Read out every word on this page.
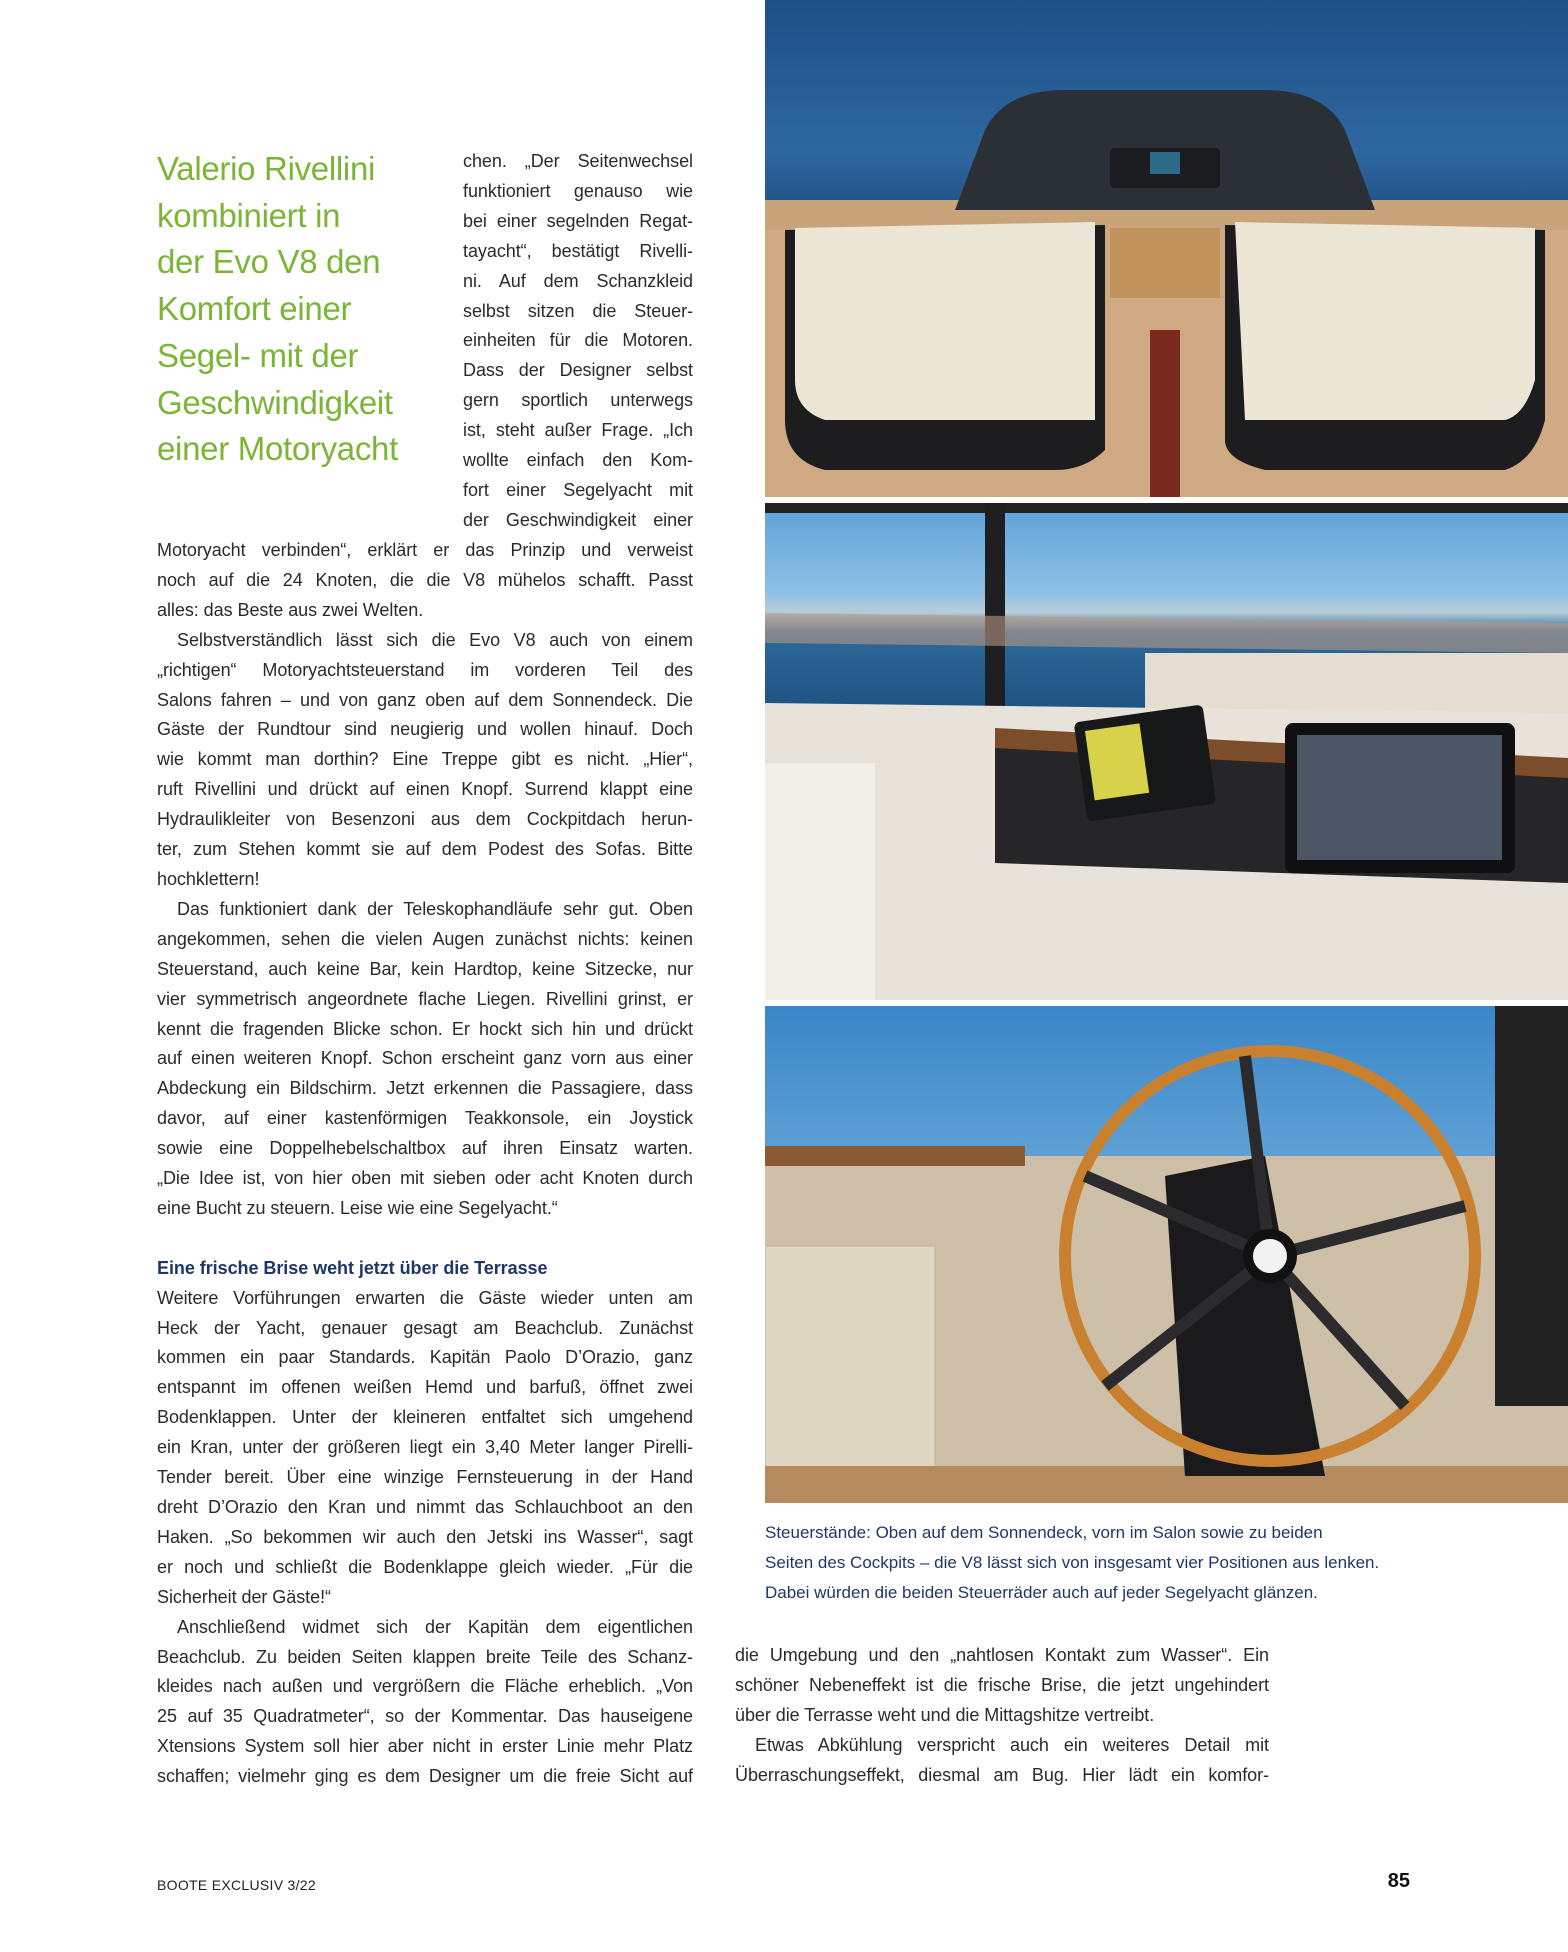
Valerio Rivellini
kombiniert in
der Evo V8 den
Komfort einer
Segel- mit der
Geschwindigkeit
einer Motoryacht
chen. „Der Seitenwechsel
funktioniert genauso wie
bei einer segelnden Regat-
tayacht“, bestätigt Rivelli-
ni. Auf dem Schanzkleid
selbst sitzen die Steuer-
einheiten für die Motoren.
Dass der Designer selbst
gern sportlich unterwegs
ist, steht außer Frage. „Ich
wollte einfach den Kom-
fort einer Segelyacht mit
der Geschwindigkeit einer
Motoryacht verbinden“, erklärt er das Prinzip und verweist
noch auf die 24 Knoten, die die V8 mühelos schafft. Passt
alles: das Beste aus zwei Welten.
Selbstverständlich lässt sich die Evo V8 auch von einem
„richtigen“ Motoryachtsteuerstand im vorderen Teil des
Salons fahren – und von ganz oben auf dem Sonnendeck. Die
Gäste der Rundtour sind neugierig und wollen hinauf. Doch
wie kommt man dorthin? Eine Treppe gibt es nicht. „Hier“,
ruft Rivellini und drückt auf einen Knopf. Surrend klappt eine
Hydraulikleiter von Besenzoni aus dem Cockpitdach herun-
ter, zum Stehen kommt sie auf dem Podest des Sofas. Bitte
hochklettern!
Das funktioniert dank der Teleskophandläufe sehr gut. Oben
angekommen, sehen die vielen Augen zunächst nichts: keinen
Steuerstand, auch keine Bar, kein Hardtop, keine Sitzecke, nur
vier symmetrisch angeordnete flache Liegen. Rivellini grinst, er
kennt die fragenden Blicke schon. Er hockt sich hin und drückt
auf einen weiteren Knopf. Schon erscheint ganz vorn aus einer
Abdeckung ein Bildschirm. Jetzt erkennen die Passagiere, dass
davor, auf einer kastenförmigen Teakkonsole, ein Joystick
sowie eine Doppelhebelschaltbox auf ihren Einsatz warten.
„Die Idee ist, von hier oben mit sieben oder acht Knoten durch
eine Bucht zu steuern. Leise wie eine Segelyacht.“
Eine frische Brise weht jetzt über die Terrasse
Weitere Vorführungen erwarten die Gäste wieder unten am
Heck der Yacht, genauer gesagt am Beachclub. Zunächst
kommen ein paar Standards. Kapitän Paolo D’Orazio, ganz
entspannt im offenen weißen Hemd und barfuß, öffnet zwei
Bodenklappen. Unter der kleineren entfaltet sich umgehend
ein Kran, unter der größeren liegt ein 3,40 Meter langer Pirelli-
Tender bereit. Über eine winzige Fernsteuerung in der Hand
dreht D’Orazio den Kran und nimmt das Schlauchboot an den
Haken. „So bekommen wir auch den Jetski ins Wasser“, sagt
er noch und schließt die Bodenklappe gleich wieder. „Für die
Sicherheit der Gäste!“
Anschließend widmet sich der Kapitän dem eigentlichen
Beachclub. Zu beiden Seiten klappen breite Teile des Schanz-
kleides nach außen und vergrößern die Fläche erheblich. „Von
25 auf 35 Quadratmeter“, so der Kommentar. Das hauseigene
Xtensions System soll hier aber nicht in erster Linie mehr Platz
schaffen; vielmehr ging es dem Designer um die freie Sicht auf
die Umgebung und den „nahtlosen Kontakt zum Wasser“. Ein
schöner Nebeneffekt ist die frische Brise, die jetzt ungehindert
über die Terrasse weht und die Mittagshitze vertreibt.
Etwas Abkühlung verspricht auch ein weiteres Detail mit
Überraschungseffekt, diesmal am Bug. Hier lädt ein komfor-
Steuerstände: Oben auf dem Sonnendeck, vorn im Salon sowie zu beiden
Seiten des Cockpits – die V8 lässt sich von insgesamt vier Positionen aus lenken.
Dabei würden die beiden Steuerräder auch auf jeder Segelyacht glänzen.
BOOTE EXCLUSIV 3/22	85
